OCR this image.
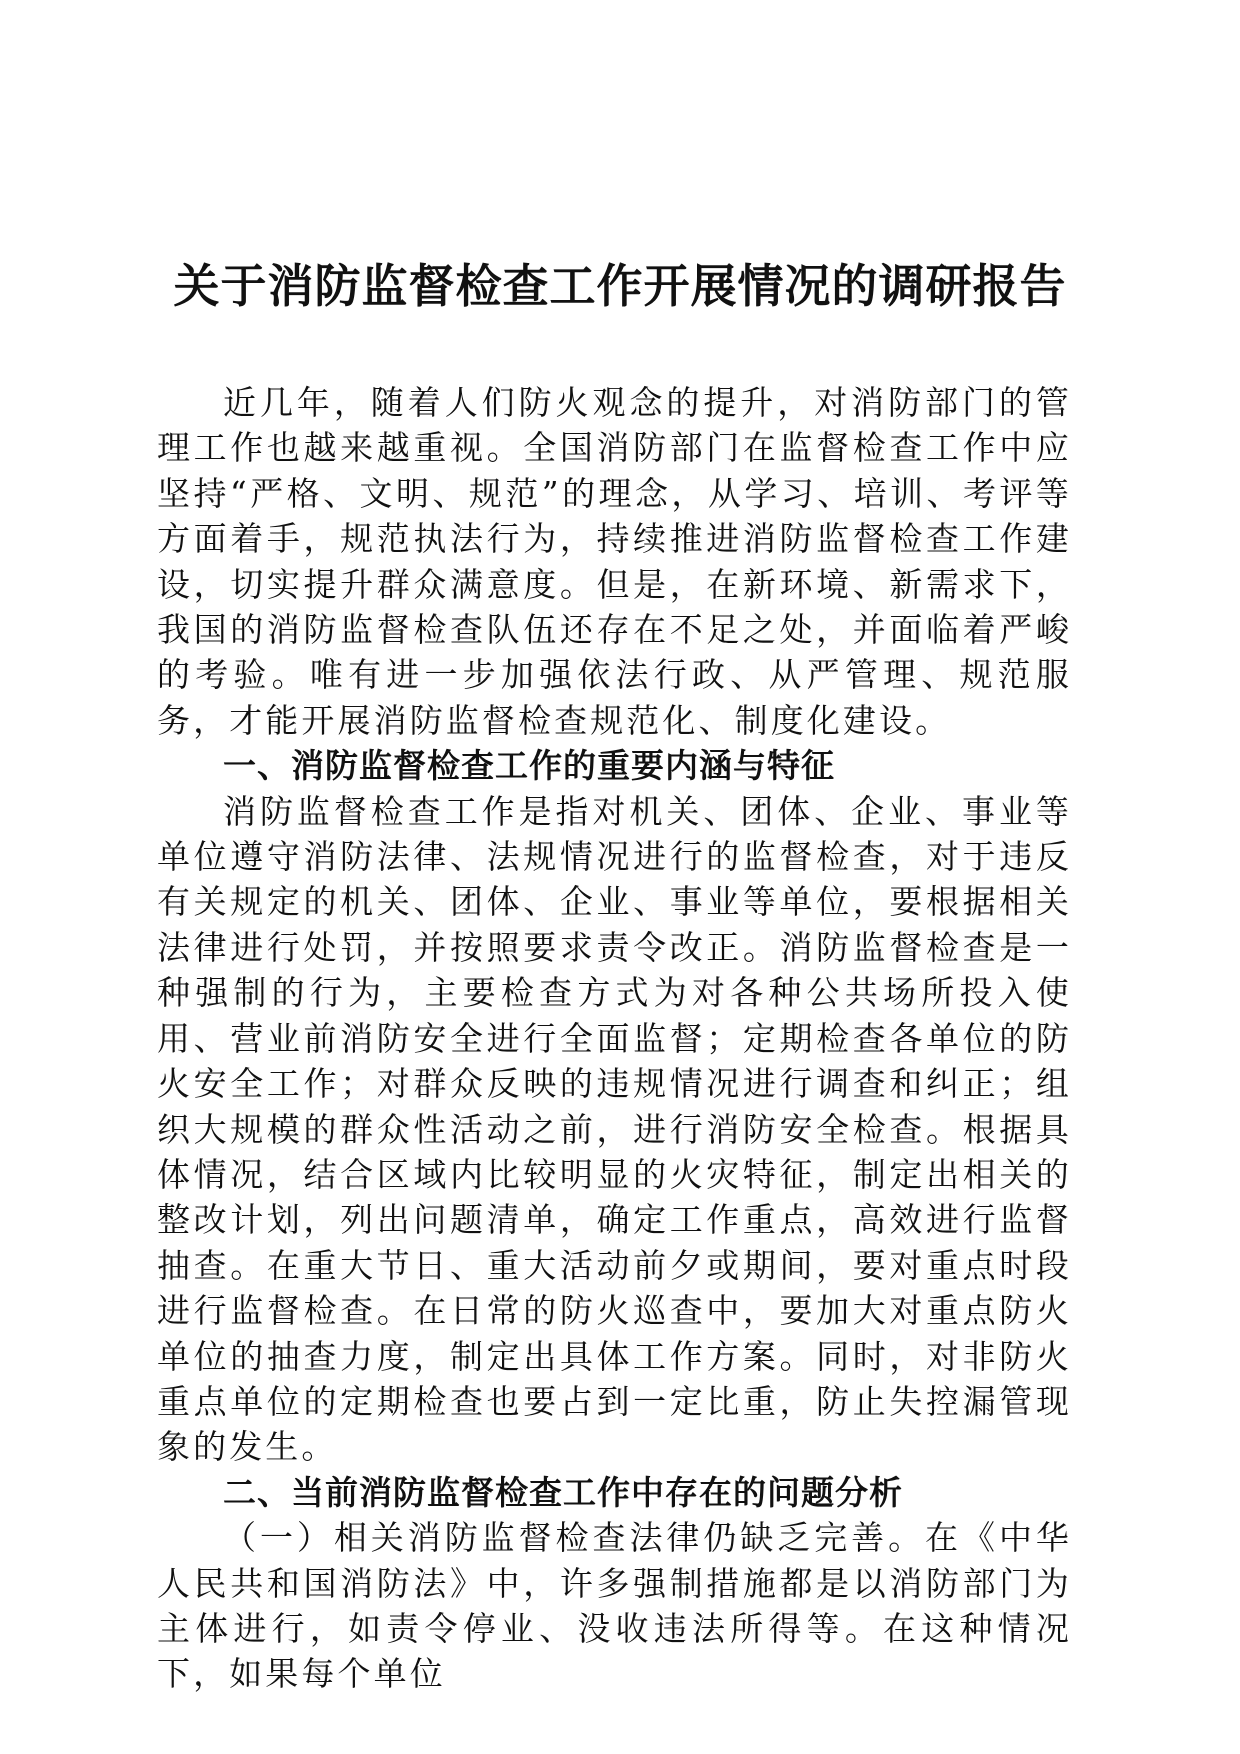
关于消防监督检查工作开展情况的调研报告

近几年，随着人们防火观念的提升，对消防部门的管理工作也越来越重视。全国消防部门在监督检查工作中应坚持“严格、文明、规范”的理念，从学习、培训、考评等方面着手，规范执法行为，持续推进消防监督检查工作建设，切实提升群众满意度。但是，在新环境、新需求下，我国的消防监督检查队伍还存在不足之处，并面临着严峻的考验。唯有进一步加强依法行政、从严管理、规范服务，才能开展消防监督检查规范化、制度化建设。

一、消防监督检查工作的重要内涵与特征

消防监督检查工作是指对机关、团体、企业、事业等单位遵守消防法律、法规情况进行的监督检查，对于违反有关规定的机关、团体、企业、事业等单位，要根据相关法律进行处罚，并按照要求责令改正。消防监督检查是一种强制的行为，主要检查方式为对各种公共场所投入使用、营业前消防安全进行全面监督；定期检查各单位的防火安全工作；对群众反映的违规情况进行调查和纠正；组织大规模的群众性活动之前，进行消防安全检查。根据具体情况，结合区域内比较明显的火灾特征，制定出相关的整改计划，列出问题清单，确定工作重点，高效进行监督抽查。在重大节日、重大活动前夕或期间，要对重点时段进行监督检查。在日常的防火巡查中，要加大对重点防火单位的抽查力度，制定出具体工作方案。同时，对非防火重点单位的定期检查也要占到一定比重，防止失控漏管现象的发生。

二、当前消防监督检查工作中存在的问题分析

（一）相关消防监督检查法律仍缺乏完善。在《中华人民共和国消防法》中，许多强制措施都是以消防部门为主体进行，如责令停业、没收违法所得等。在这种情况下，如果每个单位
